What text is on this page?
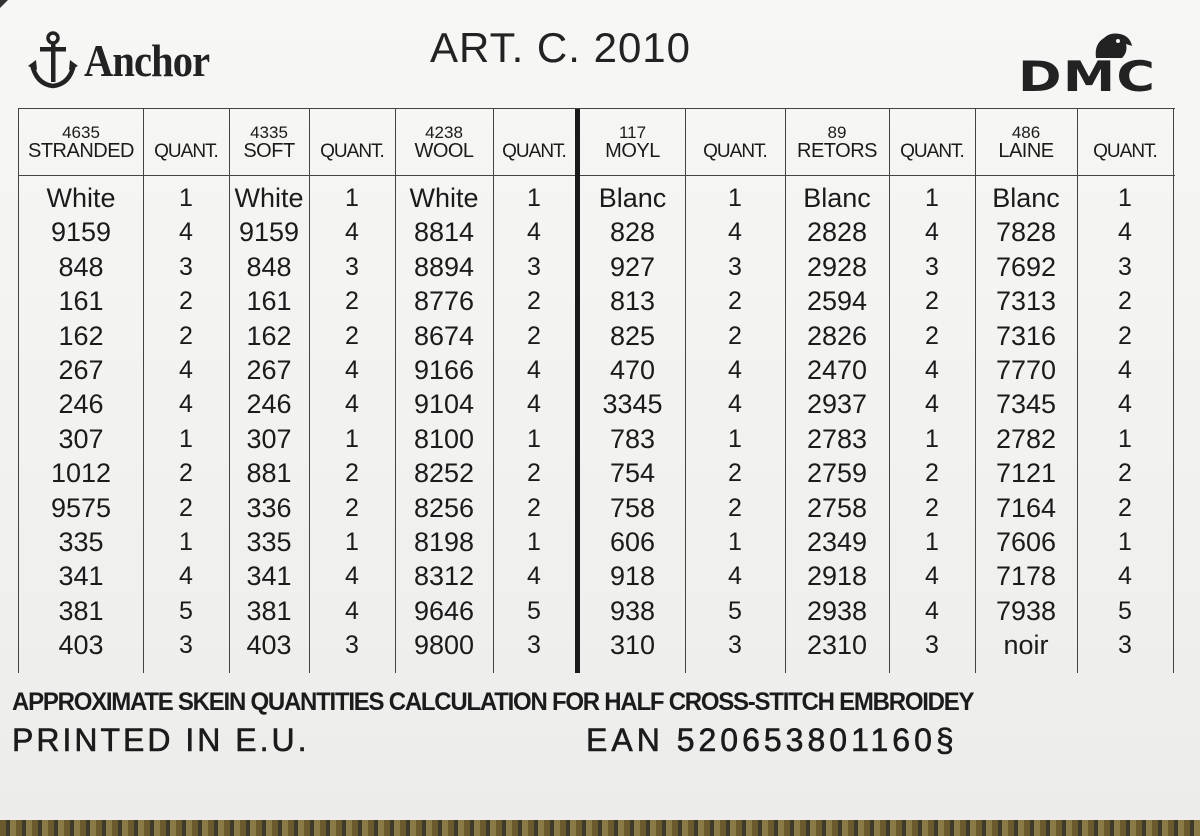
Anchor	ART. C. 2010
DMC
4635
STRANDED QUANT.
4335
SOFT QUANT.
4238
WOOL QUANT.
117
MOYL QUANT.
89
RETORS QUANT.
486
LAINE QUANT.
White
9159
848
161
162
267
246
307
1012
9575
335
341
381
403
1
4
3
2
2
4
4
1
2
2
1
4
5
3
White
9159
848
161
162
267
246
307
881
336
335
341
381
403
1
4
3
2
2
4
4
1
2
2
1
4
4
3
White
8814
8894
8776
8674
9166
9104
8100
8252
8256
8198
8312
9646
9800
1
4
3
2
2
4
4
1
2
2
1
4
5
3
Blanc
828
927
813
825
470
3345
783
754
758
606
918
938
310
1
4
3
2
2
4
4
1
2
2
1
4
5
3
Blanc
2828
2928
2594
2826
2470
2937
2783
2759
2758
2349
2918
2938
2310
1
4
3
2
2
4
4
1
2
2
1
4
4
3
Blanc
7828
7692
7313
7316
7770
7345
2782
7121
7164
7606
7178
7938
noir
1
4
3
2
2
4
4
1
2
2
1
4
5
3
APPROXIMATE SKEIN QUANTITIES CALCULATION FOR HALF CROSS-STITCH EMBROIDEY
PRINTED IN E.U.	EAN 520653801160§
